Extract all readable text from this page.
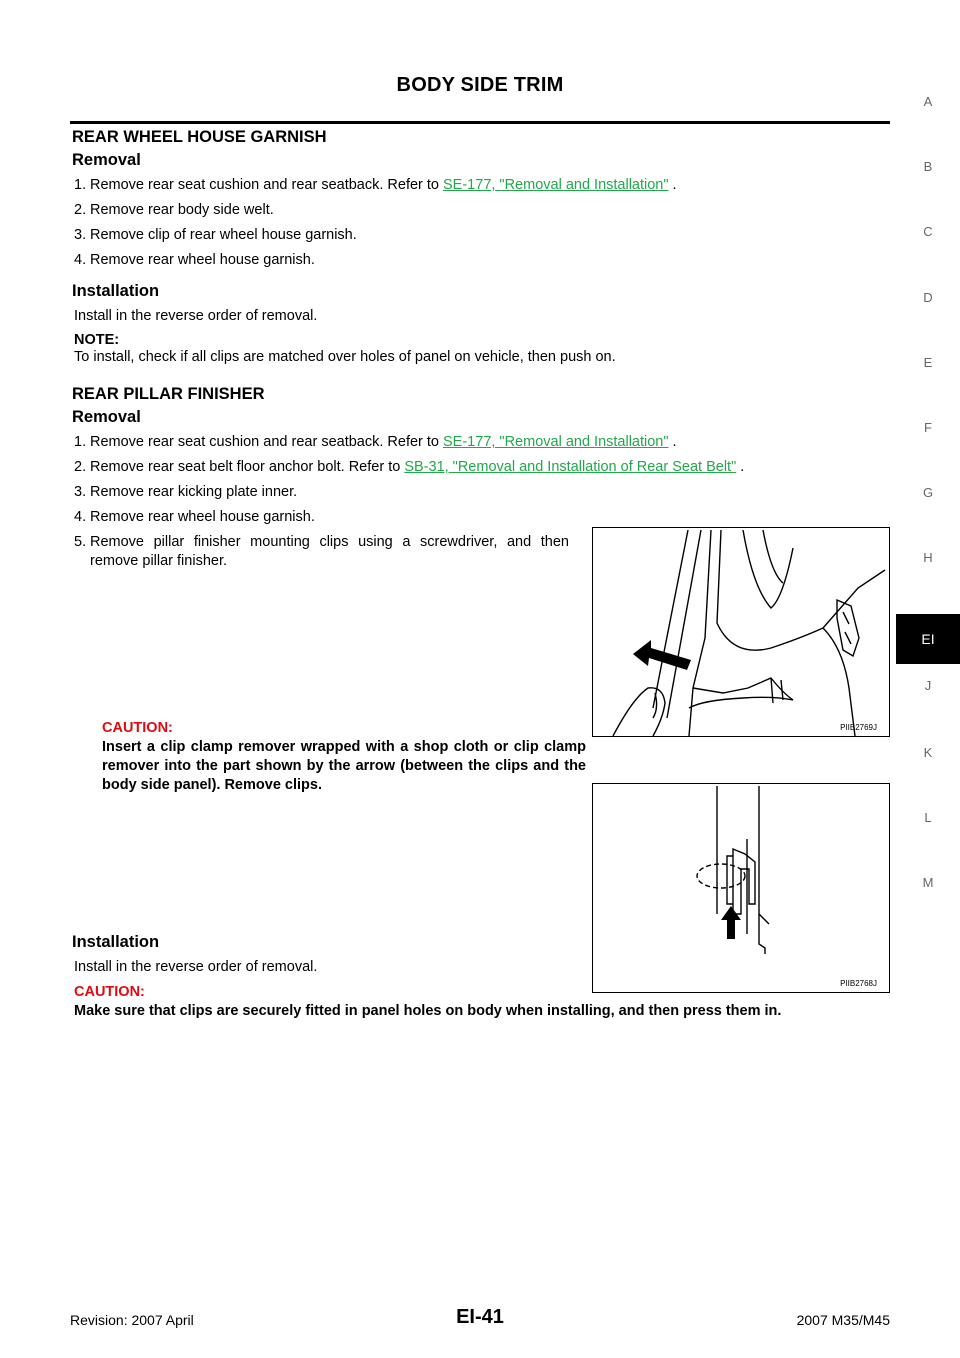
BODY SIDE TRIM
A
B
C
D
E
F
G
H
EI
J
K
L
M
REAR WHEEL HOUSE GARNISH
Removal
1. Remove rear seat cushion and rear seatback. Refer to SE-177, "Removal and Installation" .
2. Remove rear body side welt.
3. Remove clip of rear wheel house garnish.
4. Remove rear wheel house garnish.
Installation
Install in the reverse order of removal.
NOTE:
To install, check if all clips are matched over holes of panel on vehicle, then push on.
REAR PILLAR FINISHER
Removal
1. Remove rear seat cushion and rear seatback. Refer to SE-177, "Removal and Installation" .
2. Remove rear seat belt floor anchor bolt. Refer to SB-31, "Removal and Installation of Rear Seat Belt" .
3. Remove rear kicking plate inner.
4. Remove rear wheel house garnish.
5. Remove pillar finisher mounting clips using a screwdriver, and then remove pillar finisher.
CAUTION:
Insert a clip clamp remover wrapped with a shop cloth or clip clamp remover into the part shown by the arrow (between the clips and the body side panel). Remove clips.
Installation
Install in the reverse order of removal.
CAUTION:
Make sure that clips are securely fitted in panel holes on body when installing, and then press them in.
PIIB2769J
PIIB2768J
Revision: 2007 April	EI-41	2007 M35/M45
